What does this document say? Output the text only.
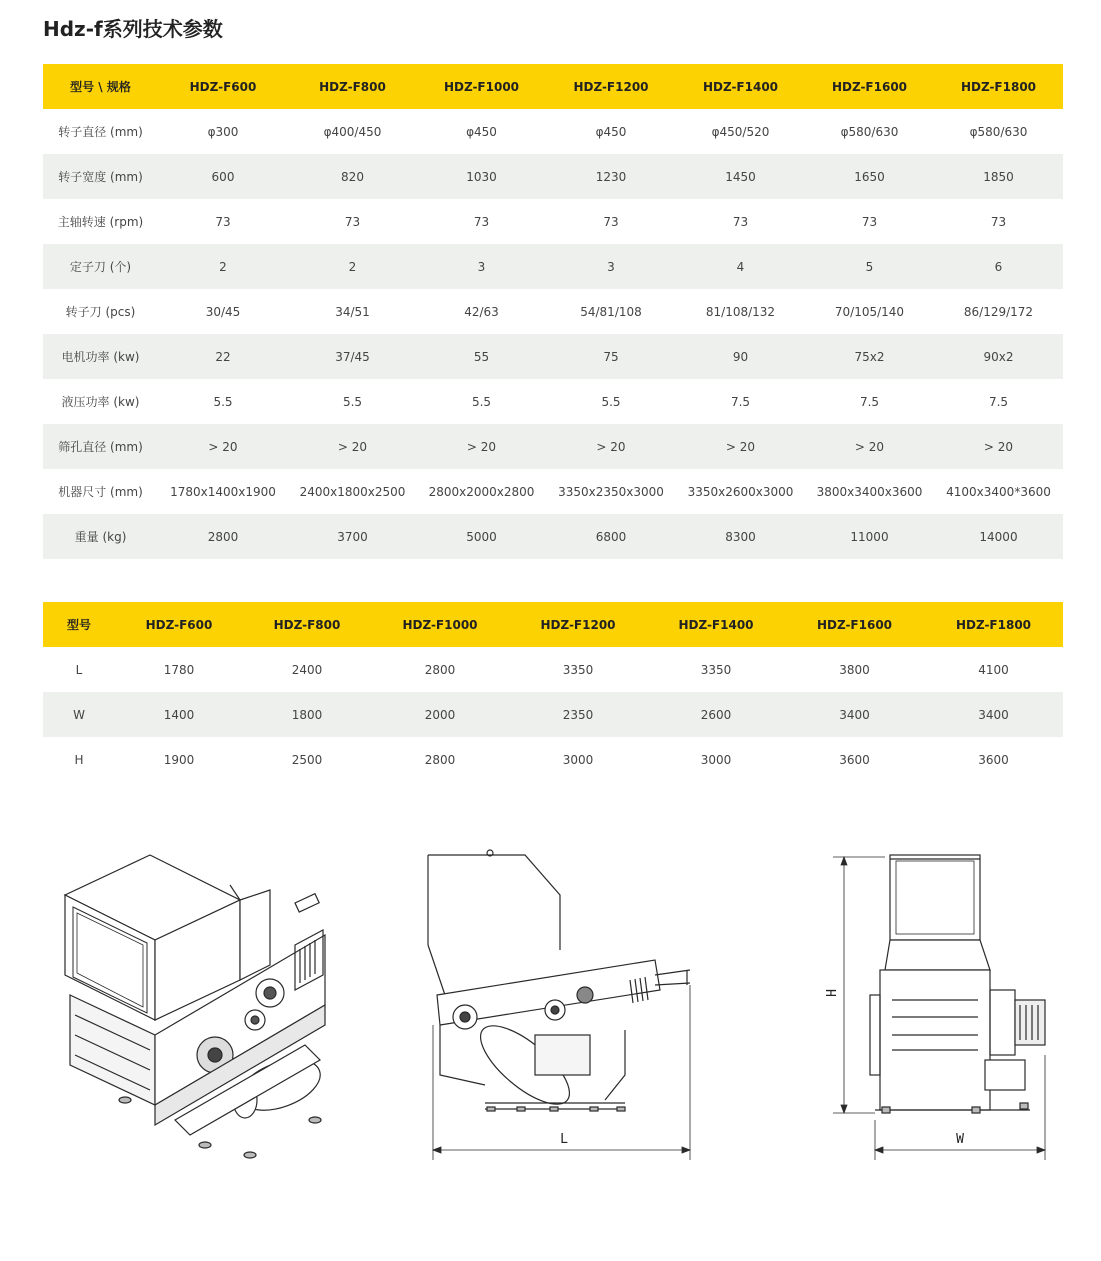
Hdz-f系列技术参数
型号 \ 规格	HDZ-F600	HDZ-F800	HDZ-F1000	HDZ-F1200	HDZ-F1400	HDZ-F1600	HDZ-F1800
转子直径 (mm)	φ300	φ400/450	φ450	φ450	φ450/520	φ580/630	φ580/630
转子宽度 (mm)	600	820	1030	1230	1450	1650	1850
主轴转速 (rpm)	73	73	73	73	73	73	73
定子刀 (个)	2	2	3	3	4	5	6
转子刀 (pcs)	30/45	34/51	42/63	54/81/108	81/108/132	70/105/140	86/129/172
电机功率 (kw)	22	37/45	55	75	90	75x2	90x2
液压功率 (kw)	5.5	5.5	5.5	5.5	7.5	7.5	7.5
筛孔直径 (mm)	> 20	> 20	> 20	> 20	> 20	> 20	> 20
机器尺寸 (mm)	1780x1400x1900	2400x1800x2500	2800x2000x2800	3350x2350x3000	3350x2600x3000	3800x3400x3600	4100x3400*3600
重量 (kg)	2800	3700	5000	6800	8300	11000	14000
型号	HDZ-F600	HDZ-F800	HDZ-F1000	HDZ-F1200	HDZ-F1400	HDZ-F1600	HDZ-F1800
L	1780	2400	2800	3350	3350	3800	4100
W	1400	1800	2000	2350	2600	3400	3400
H	1900	2500	2800	3000	3000	3600	3600
L
H
W
